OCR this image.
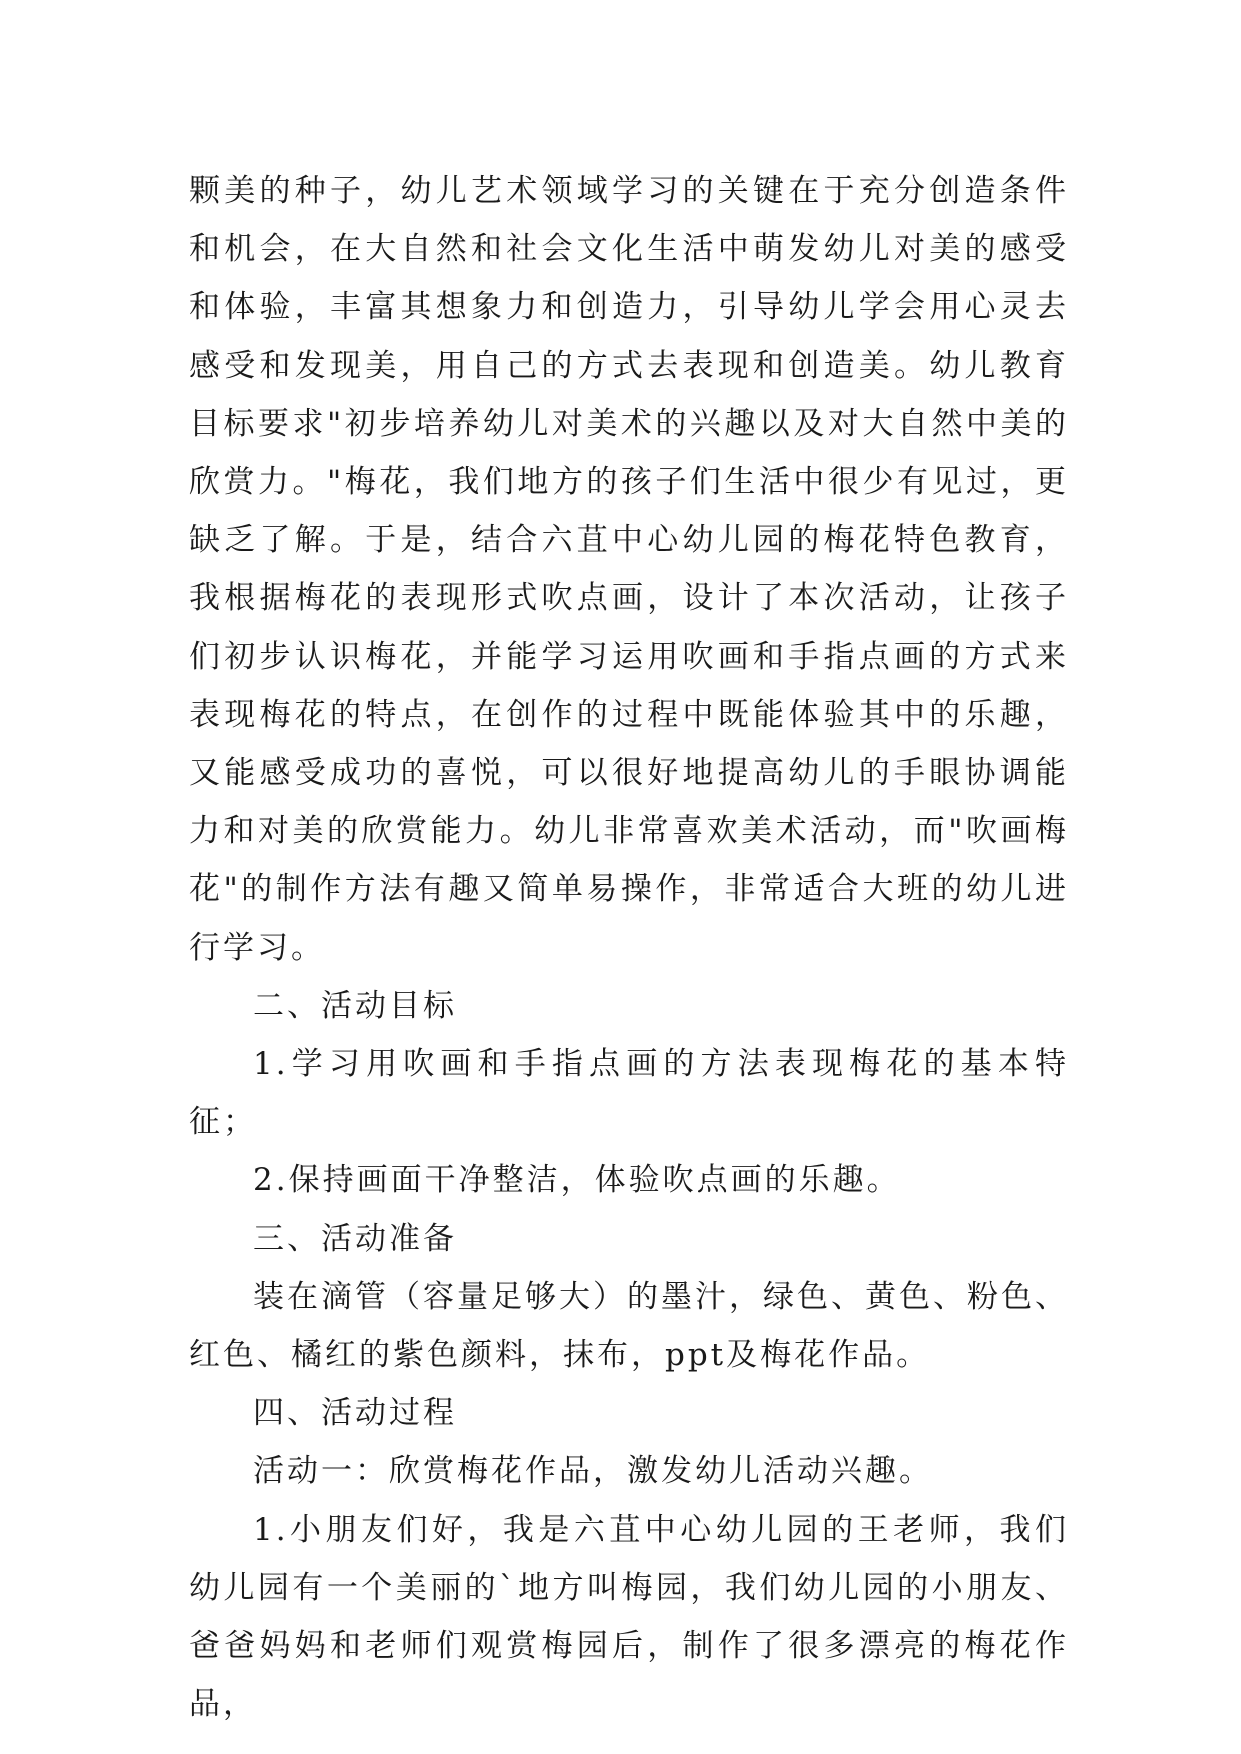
颗美的种子，幼儿艺术领域学习的关键在于充分创造条件和机会，在大自然和社会文化生活中萌发幼儿对美的感受和体验，丰富其想象力和创造力，引导幼儿学会用心灵去感受和发现美，用自己的方式去表现和创造美。幼儿教育目标要求"初步培养幼儿对美术的兴趣以及对大自然中美的欣赏力。"梅花，我们地方的孩子们生活中很少有见过，更缺乏了解。于是，结合六苴中心幼儿园的梅花特色教育，我根据梅花的表现形式吹点画，设计了本次活动，让孩子们初步认识梅花，并能学习运用吹画和手指点画的方式来表现梅花的特点，在创作的过程中既能体验其中的乐趣，又能感受成功的喜悦，可以很好地提高幼儿的手眼协调能力和对美的欣赏能力。幼儿非常喜欢美术活动，而"吹画梅花"的制作方法有趣又简单易操作，非常适合大班的幼儿进行学习。

二、活动目标

1.学习用吹画和手指点画的方法表现梅花的基本特征；

2.保持画面干净整洁，体验吹点画的乐趣。

三、活动准备

装在滴管（容量足够大）的墨汁，绿色、黄色、粉色、红色、橘红的紫色颜料，抹布，ppt及梅花作品。

四、活动过程

活动一：欣赏梅花作品，激发幼儿活动兴趣。

1.小朋友们好，我是六苴中心幼儿园的王老师，我们幼儿园有一个美丽的`地方叫梅园，我们幼儿园的小朋友、爸爸妈妈和老师们观赏梅园后，制作了很多漂亮的梅花作品，
